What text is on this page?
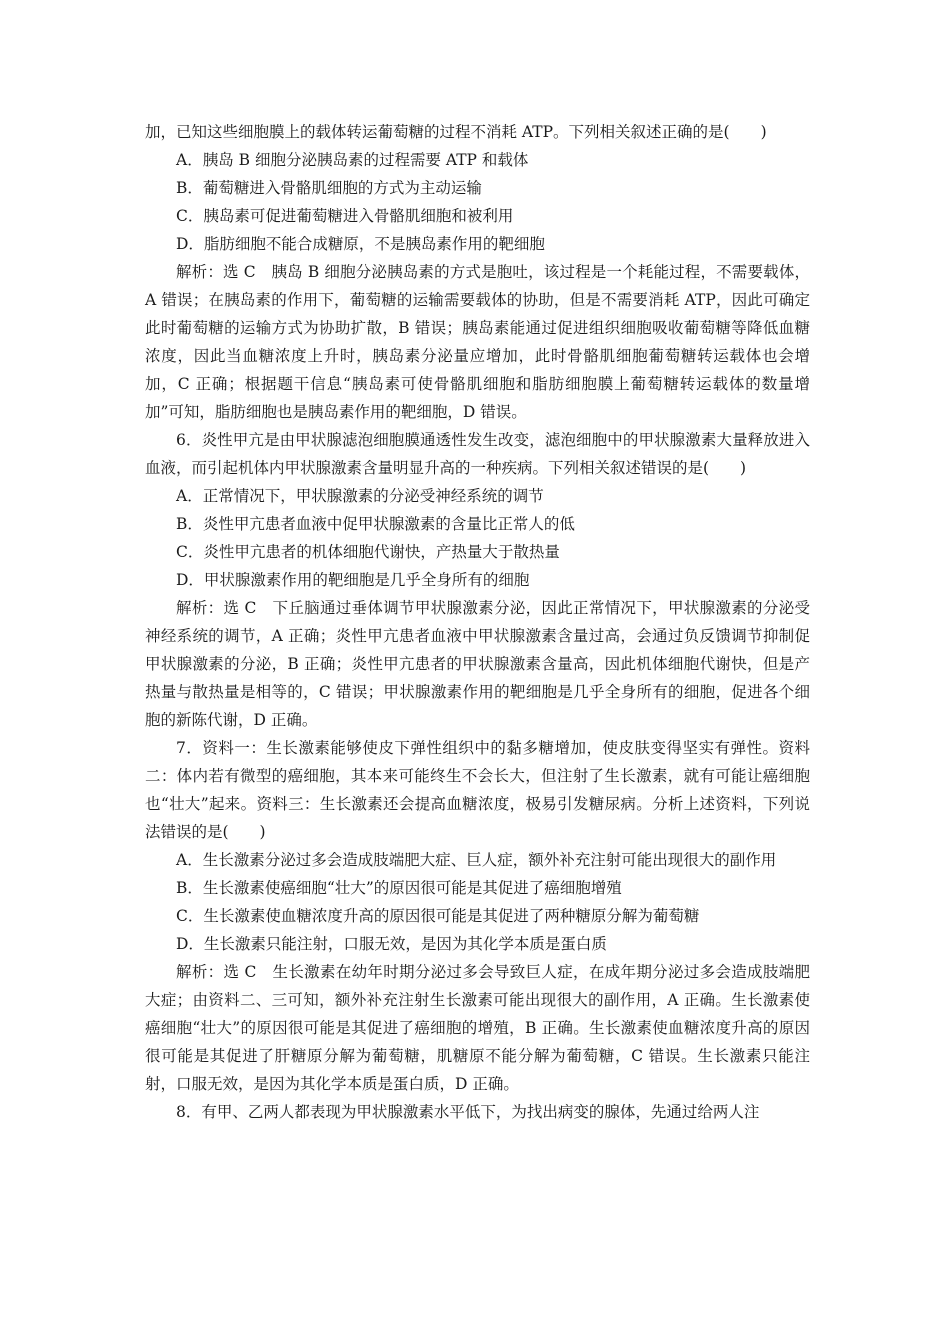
加，已知这些细胞膜上的载体转运葡萄糖的过程不消耗 ATP。下列相关叙述正确的是(　　)

A．胰岛 B 细胞分泌胰岛素的过程需要 ATP 和载体

B．葡萄糖进入骨骼肌细胞的方式为主动运输

C．胰岛素可促进葡萄糖进入骨骼肌细胞和被利用

D．脂肪细胞不能合成糖原，不是胰岛素作用的靶细胞

解析：选 C　胰岛 B 细胞分泌胰岛素的方式是胞吐，该过程是一个耗能过程，不需要载体，A 错误；在胰岛素的作用下，葡萄糖的运输需要载体的协助，但是不需要消耗 ATP，因此可确定此时葡萄糖的运输方式为协助扩散，B 错误；胰岛素能通过促进组织细胞吸收葡萄糖等降低血糖浓度，因此当血糖浓度上升时，胰岛素分泌量应增加，此时骨骼肌细胞葡萄糖转运载体也会增加，C 正确；根据题干信息“胰岛素可使骨骼肌细胞和脂肪细胞膜上葡萄糖转运载体的数量增加”可知，脂肪细胞也是胰岛素作用的靶细胞，D 错误。

6．炎性甲亢是由甲状腺滤泡细胞膜通透性发生改变，滤泡细胞中的甲状腺激素大量释放进入血液，而引起机体内甲状腺激素含量明显升高的一种疾病。下列相关叙述错误的是(　　)

A．正常情况下，甲状腺激素的分泌受神经系统的调节

B．炎性甲亢患者血液中促甲状腺激素的含量比正常人的低

C．炎性甲亢患者的机体细胞代谢快，产热量大于散热量

D．甲状腺激素作用的靶细胞是几乎全身所有的细胞

解析：选 C　下丘脑通过垂体调节甲状腺激素分泌，因此正常情况下，甲状腺激素的分泌受神经系统的调节，A 正确；炎性甲亢患者血液中甲状腺激素含量过高，会通过负反馈调节抑制促甲状腺激素的分泌，B 正确；炎性甲亢患者的甲状腺激素含量高，因此机体细胞代谢快，但是产热量与散热量是相等的，C 错误；甲状腺激素作用的靶细胞是几乎全身所有的细胞，促进各个细胞的新陈代谢，D 正确。

7．资料一：生长激素能够使皮下弹性组织中的黏多糖增加，使皮肤变得坚实有弹性。资料二：体内若有微型的癌细胞，其本来可能终生不会长大，但注射了生长激素，就有可能让癌细胞也“壮大”起来。资料三：生长激素还会提高血糖浓度，极易引发糖尿病。分析上述资料，下列说法错误的是(　　)

A．生长激素分泌过多会造成肢端肥大症、巨人症，额外补充注射可能出现很大的副作用

B．生长激素使癌细胞“壮大”的原因很可能是其促进了癌细胞增殖

C．生长激素使血糖浓度升高的原因很可能是其促进了两种糖原分解为葡萄糖

D．生长激素只能注射，口服无效，是因为其化学本质是蛋白质

解析：选 C　生长激素在幼年时期分泌过多会导致巨人症，在成年期分泌过多会造成肢端肥大症；由资料二、三可知，额外补充注射生长激素可能出现很大的副作用，A 正确。生长激素使癌细胞“壮大”的原因很可能是其促进了癌细胞的增殖，B 正确。生长激素使血糖浓度升高的原因很可能是其促进了肝糖原分解为葡萄糖，肌糖原不能分解为葡萄糖，C 错误。生长激素只能注射，口服无效，是因为其化学本质是蛋白质，D 正确。

8．有甲、乙两人都表现为甲状腺激素水平低下，为找出病变的腺体，先通过给两人注
